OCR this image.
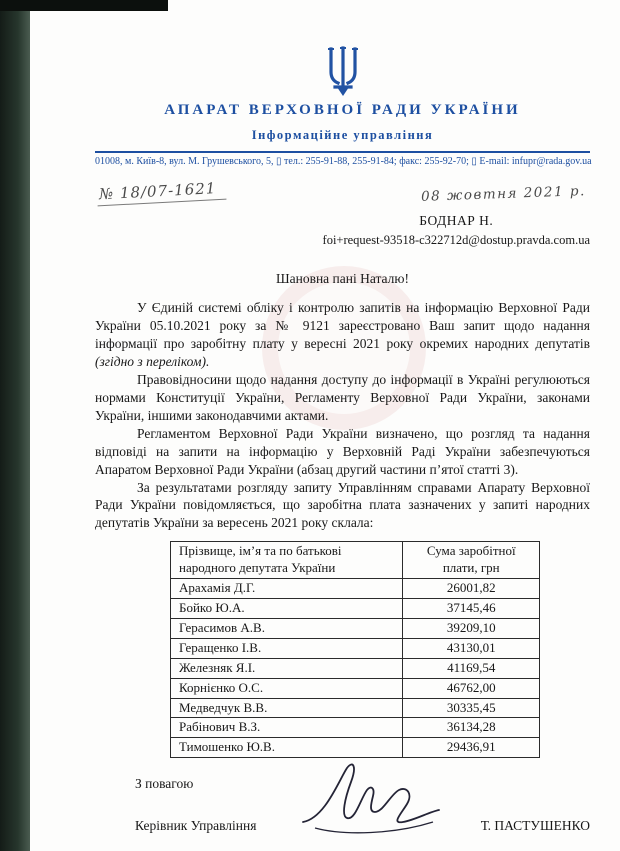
АПАРАТ ВЕРХОВНОЇ РАДИ УКРАЇНИ
Інформаційне управління
01008, м. Київ-8, вул. М. Грушевського, 5, ▯ тел.: 255-91-88, 255-91-84; факс: 255-92-70; ▯ E-mail: infupr@rada.gov.ua
№ 18/07-1621	08 жовтня 2021 р.
БОДНАР Н.
foi+request-93518-c322712d@dostup.pravda.com.ua
Шановна пані Наталю!

У Єдиній системі обліку і контролю запитів на інформацію Верховної Ради України 05.10.2021 року за № 9121 зареєстровано Ваш запит щодо надання інформації про заробітну плату у вересні 2021 року окремих народних депутатів (згідно з переліком).

Правовідносини щодо надання доступу до інформації в Україні регулюються нормами Конституції України, Регламенту Верховної Ради України, законами України, іншими законодавчими актами.

Регламентом Верховної Ради України визначено, що розгляд та надання відповіді на запити на інформацію у Верховній Раді України забезпечуються Апаратом Верховної Ради України (абзац другий частини п’ятої статті 3).

За результатами розгляду запиту Управлінням справами Апарату Верховної Ради України повідомляється, що заробітна плата зазначених у запиті народних депутатів України за вересень 2021 року склала:

Прізвище, ім’я та по батькові народного депутата України	Сума заробітної плати, грн
Арахамія Д.Г.	26001,82
Бойко Ю.А.	37145,46
Герасимов А.В.	39209,10
Геращенко І.В.	43130,01
Железняк Я.І.	41169,54
Корнієнко О.С.	46762,00
Медведчук В.В.	30335,45
Рабінович В.З.	36134,28
Тимошенко Ю.В.	29436,91
З повагою
Керівник Управління	Т. ПАСТУШЕНКО
